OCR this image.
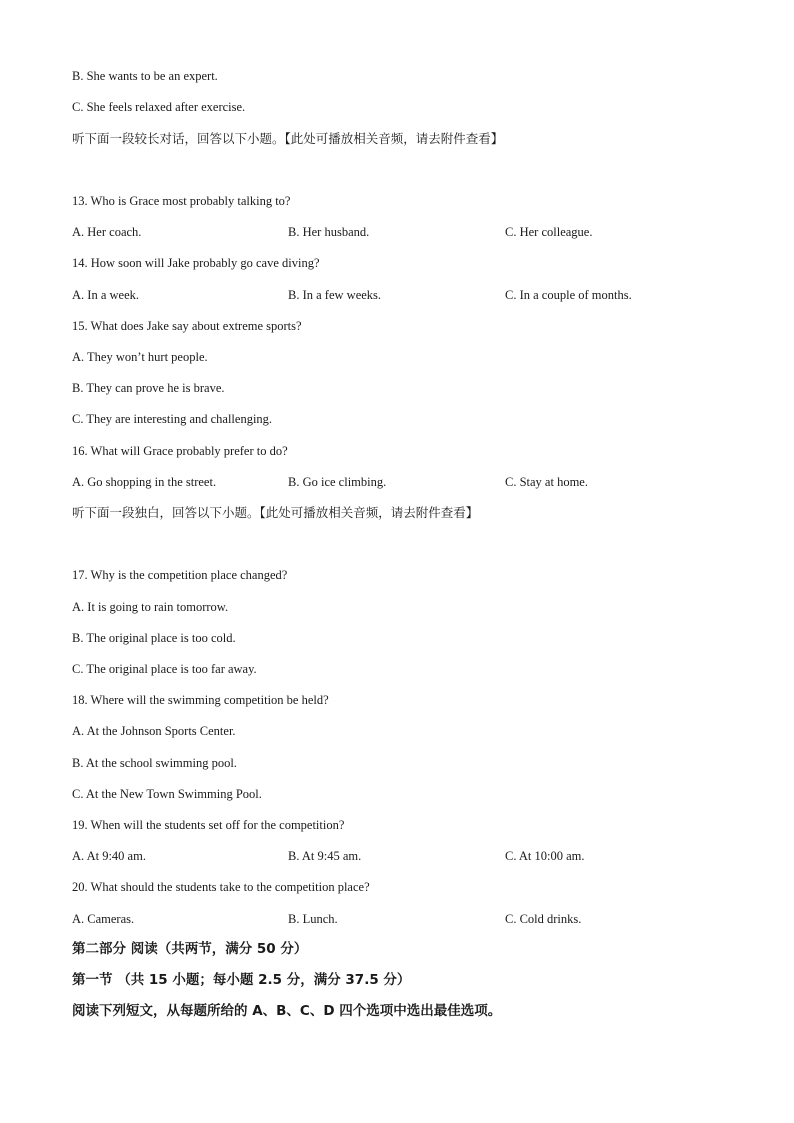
B. She wants to be an expert.
C. She feels relaxed after exercise.
听下面一段较长对话，回答以下小题。【此处可播放相关音频，请去附件查看】
13. Who is Grace most probably talking to?
A. Her coach.	B. Her husband.	C. Her colleague.
14. How soon will Jake probably go cave diving?
A. In a week.	B. In a few weeks.	C. In a couple of months.
15. What does Jake say about extreme sports?
A. They won’t hurt people.
B. They can prove he is brave.
C. They are interesting and challenging.
16. What will Grace probably prefer to do?
A. Go shopping in the street.	B. Go ice climbing.	C. Stay at home.
听下面一段独白，回答以下小题。【此处可播放相关音频，请去附件查看】
17. Why is the competition place changed?
A. It is going to rain tomorrow.
B. The original place is too cold.
C. The original place is too far away.
18. Where will the swimming competition be held?
A. At the Johnson Sports Center.
B. At the school swimming pool.
C. At the New Town Swimming Pool.
19. When will the students set off for the competition?
A. At 9:40 am.	B. At 9:45 am.	C. At 10:00 am.
20. What should the students take to the competition place?
A. Cameras.	B. Lunch.	C. Cold drinks.
第二部分 阅读（共两节，满分 50 分）
第一节 （共 15 小题；每小题 2.5 分，满分 37.5 分）
阅读下列短文，从每题所给的 A、B、C、D 四个选项中选出最佳选项。
